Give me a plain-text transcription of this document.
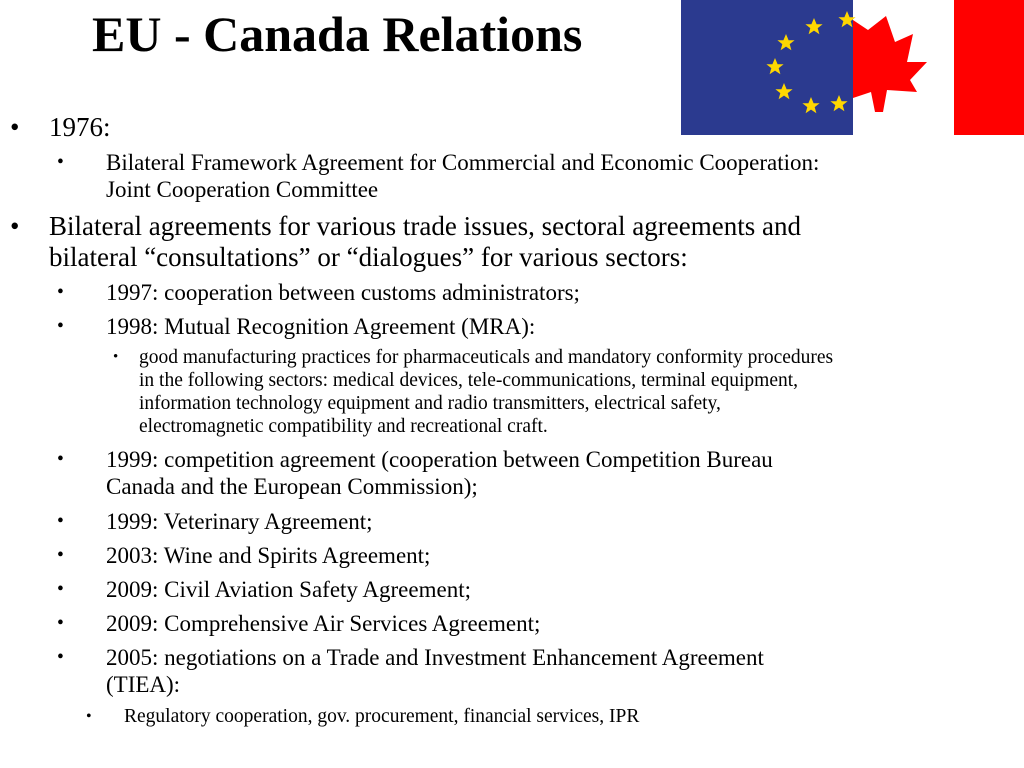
EU - Canada Relations
• 1976:
• Bilateral Framework Agreement for Commercial and Economic Cooperation:
Joint Cooperation Committee
• Bilateral agreements for various trade issues, sectoral agreements and
bilateral “consultations” or “dialogues” for various sectors:
• 1997: cooperation between customs administrators;
• 1998: Mutual Recognition Agreement (MRA):
• good manufacturing practices for pharmaceuticals and mandatory conformity procedures
in the following sectors: medical devices, tele-communications, terminal equipment,
information technology equipment and radio transmitters, electrical safety,
electromagnetic compatibility and recreational craft.
• 1999: competition agreement (cooperation between Competition Bureau
Canada and the European Commission);
• 1999: Veterinary Agreement;
• 2003: Wine and Spirits Agreement;
• 2009: Civil Aviation Safety Agreement;
• 2009: Comprehensive Air Services Agreement;
• 2005: negotiations on a Trade and Investment Enhancement Agreement
(TIEA):
• Regulatory cooperation, gov. procurement, financial services, IPR
